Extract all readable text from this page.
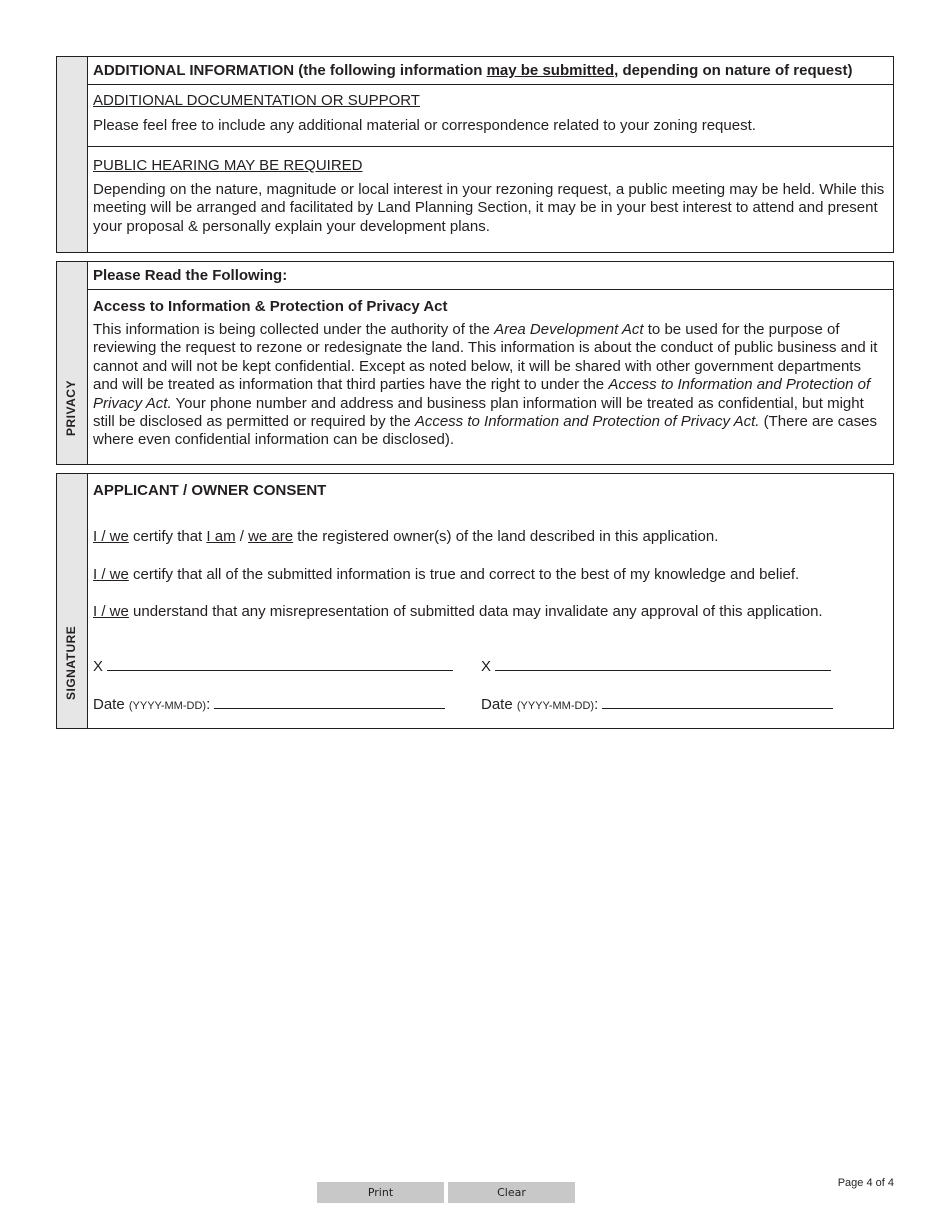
ADDITIONAL INFORMATION (the following information may be submitted, depending on nature of request)
ADDITIONAL DOCUMENTATION OR SUPPORT
Please feel free to include any additional material or correspondence related to your zoning request.
PUBLIC HEARING MAY BE REQUIRED
Depending on the nature, magnitude or local interest in your rezoning request, a public meeting may be held. While this meeting will be arranged and facilitated by Land Planning Section, it may be in your best interest to attend and present your proposal & personally explain your development plans.
PRIVACY
Please Read the Following:
Access to Information & Protection of Privacy Act
This information is being collected under the authority of the Area Development Act to be used for the purpose of reviewing the request to rezone or redesignate the land. This information is about the conduct of public business and it cannot and will not be kept confidential. Except as noted below, it will be shared with other government departments and will be treated as information that third parties have the right to under the Access to Information and Protection of Privacy Act. Your phone number and address and business plan information will be treated as confidential, but might still be disclosed as permitted or required by the Access to Information and Protection of Privacy Act. (There are cases where even confidential information can be disclosed).
SIGNATURE
APPLICANT / OWNER CONSENT
I / we certify that I am / we are the registered owner(s) of the land described in this application.
I / we certify that all of the submitted information is true and correct to the best of my knowledge and belief.
I / we understand that any misrepresentation of submitted data may invalidate any approval of this application.
X	X
Date (YYYY-MM-DD):	Date (YYYY-MM-DD):
Print	Clear
Page 4 of 4
